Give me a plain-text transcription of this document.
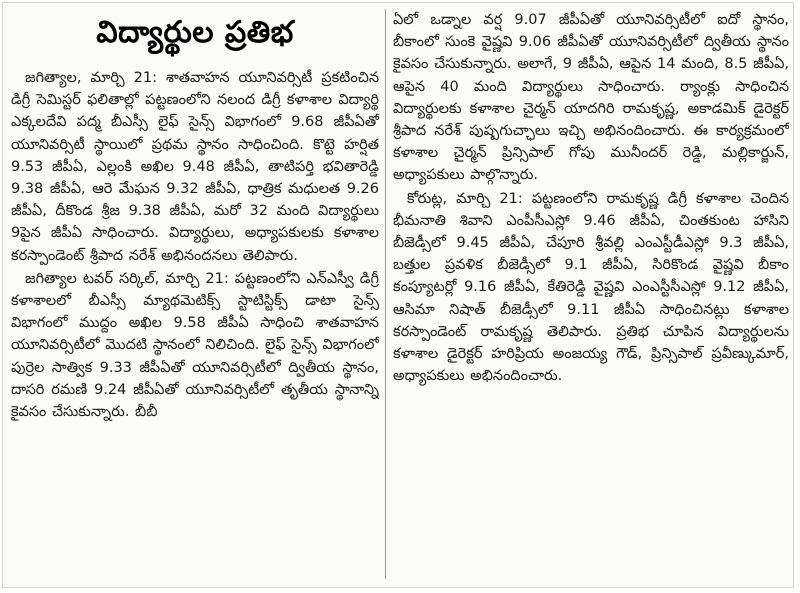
విద్యార్థుల ప్రతిభ

జగిత్యాల, మార్చి 21: శాతవాహన యూనివర్సిటీ ప్రకటించిన డిగ్రీ సెమిస్టర్ ఫలితాల్లో పట్టణంలోని నలంద డిగ్రీ కళాశాల విద్యార్థి ఎక్కలదేవి పద్మ బీఎస్సీ లైఫ్ సైన్స్ విభాగంలో 9.68 జీపీఏతో యూనివర్సిటీ స్థాయిలో ప్రథమ స్థానం సాధించింది. కొట్టె హర్షిత 9.53 జీపీఏ, ఎల్లంకి అఖిల 9.48 జీపీఏ, తాటిపర్తి భవితారెడ్డి 9.38 జీపీఏ, ఆరె మేఘన 9.32 జీపీఏ, ధాత్రిక మధులత 9.26 జీపీఏ, దీకొండ శ్రీజ 9.38 జీపీఏ, మరో 32 మంది విద్యార్థులు 9పైన జీపీఏ సాధించారు. విద్యార్థులు, అధ్యాపకులకు కళాశాల కరస్పాండెంట్ శ్రీపాద నరేశ్ అభినందనలు తెలిపారు.

జగిత్యాల టవర్ సర్కిల్, మార్చి 21: పట్టణంలోని ఎన్ఎస్వీ డిగ్రీ కళాశాలలో బీఎస్సీ మ్యాథమెటిక్స్ స్టాటిస్టిక్స్ డాటా సైన్స్ విభాగంలో ముద్దం అఖిల 9.58 జీపీఏ సాధించి శాతవాహన యూనివర్సిటీలో మొదటి స్థానంలో నిలిచింది. లైఫ్ సైన్స్ విభాగంలో పుర్రెల సాత్విక 9.33 జీపీఏతో యూనివర్సిటీలో ద్వితీయ స్థానం, దాసరి రమణి 9.24 జీపీఏతో యూనివర్సిటీలో తృతీయ స్థానాన్ని కైవసం చేసుకున్నారు. బీబీ

ఏలో ఒడ్నాల వర్ష 9.07 జీపీఏతో యూనివర్సిటీలో ఐదో స్థానం, బీకాంలో సుంకె వైష్ణవి 9.06 జీపీఏతో యూనివర్సిటీలో ద్వితీయ స్థానం కైవసం చేసుకున్నారు. అలాగే, 9 జీపీఏ, ఆపైన 14 మంది, 8.5 జీపీఏ, ఆపైన 40 మంది విద్యార్థులు సాధించారు. ర్యాంక్లు సాధించిన విద్యార్థులకు కళాశాల చైర్మన్ యాదగిరి రామకృష్ణ, అకాడమిక్ డైరెక్టర్ శ్రీపాద నరేశ్ పుష్పగుచ్ఛాలు ఇచ్చి అభినందించారు. ఈ కార్యక్రమంలో కళాశాల చైర్మన్ ప్రిన్సిపాల్ గోపు మునీందర్ రెడ్డి, మల్లికార్జున్, అధ్యాపకులు పాల్గొన్నారు.

కోరుట్ల, మార్చి 21: పట్టణంలోని రామకృష్ణ డిగ్రీ కళాశాల చెందిన భీమనాతి శివాని ఎంపీసీఎస్లో 9.46 జీపీఏ, చింతకుంట హాసిని బీజెడ్సీలో 9.45 జీపీఏ, చేపూరి శ్రీవల్లి ఎంఎస్టీడీఎస్లో 9.3 జీపీఏ, బత్తుల ప్రవళిక బీజెడ్సీలో 9.1 జీపీఏ, సిరికొండ వైష్ణవి బీకాం కంప్యూటర్లో 9.16 జీపీఏ, కేతిరెడ్డి వైష్ణవి ఎంఎస్టీసీఎస్లో 9.12 జీపీఏ, ఆసిమా నిషాత్ బీజెడ్సీలో 9.11 జీపీఏ సాధించినట్లు కళాశాల కరస్పాండెంట్ రామకృష్ణ తెలిపారు. ప్రతిభ చూపిన విద్యార్థులను కళాశాల డైరెక్టర్ హరిప్రియ అంజయ్య గౌడ్, ప్రిన్సిపాల్ ప్రవీణ్కుమార్, అధ్యాపకులు అభినందించారు.
